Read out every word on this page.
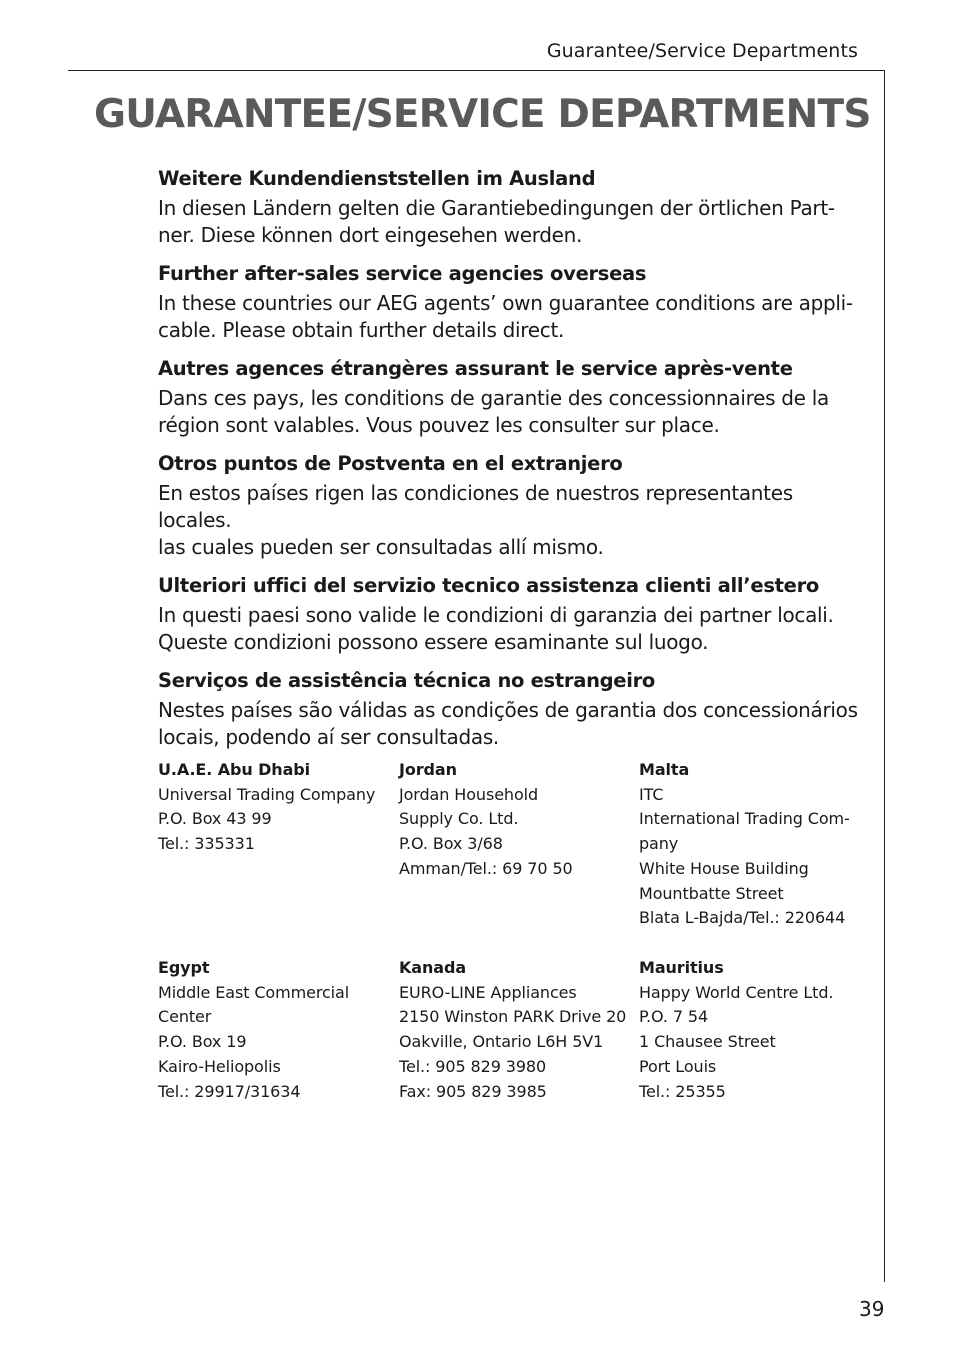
Guarantee/Service Departments
GUARANTEE/SERVICE DEPARTMENTS
Weitere Kundendienststellen im Ausland

In diesen Ländern gelten die Garantiebedingungen der örtlichen Part-
ner. Diese können dort eingesehen werden.

Further after-sales service agencies overseas

In these countries our AEG agents’ own guarantee conditions are appli-
cable. Please obtain further details direct.

Autres agences étrangères assurant le service après-vente

Dans ces pays, les conditions de garantie des concessionnaires de la
région sont valables. Vous pouvez les consulter sur place.

Otros puntos de Postventa en el extranjero

En estos países rigen las condiciones de nuestros representantes locales.
las cuales pueden ser consultadas allí mismo.

Ulteriori uffici del servizio tecnico assistenza clienti all’estero

In questi paesi sono valide le condizioni di garanzia dei partner locali.
Queste condizioni possono essere esaminante sul luogo.

Serviços de assistência técnica no estrangeiro

Nestes países são válidas as condições de garantia dos concessionários
locais, podendo aí ser consultadas.

U.A.E. Abu Dhabi
Universal Trading Company
P.O. Box 43 99
Tel.: 335331
Jordan
Jordan Household
Supply Co. Ltd.
P.O. Box 3/68
Amman/Tel.: 69 70 50
Malta
ITC
International Trading Com-
pany
White House Building
Mountbatte Street
Blata L-Bajda/Tel.: 220644
Egypt
Middle East Commercial
Center
P.O. Box 19
Kairo-Heliopolis
Tel.: 29917/31634
Kanada
EURO-LINE Appliances
2150 Winston PARK Drive 20
Oakville, Ontario L6H 5V1
Tel.: 905 829 3980
Fax: 905 829 3985
Mauritius
Happy World Centre Ltd.
P.O. 7 54
1 Chausee Street
Port Louis
Tel.: 25355
39
